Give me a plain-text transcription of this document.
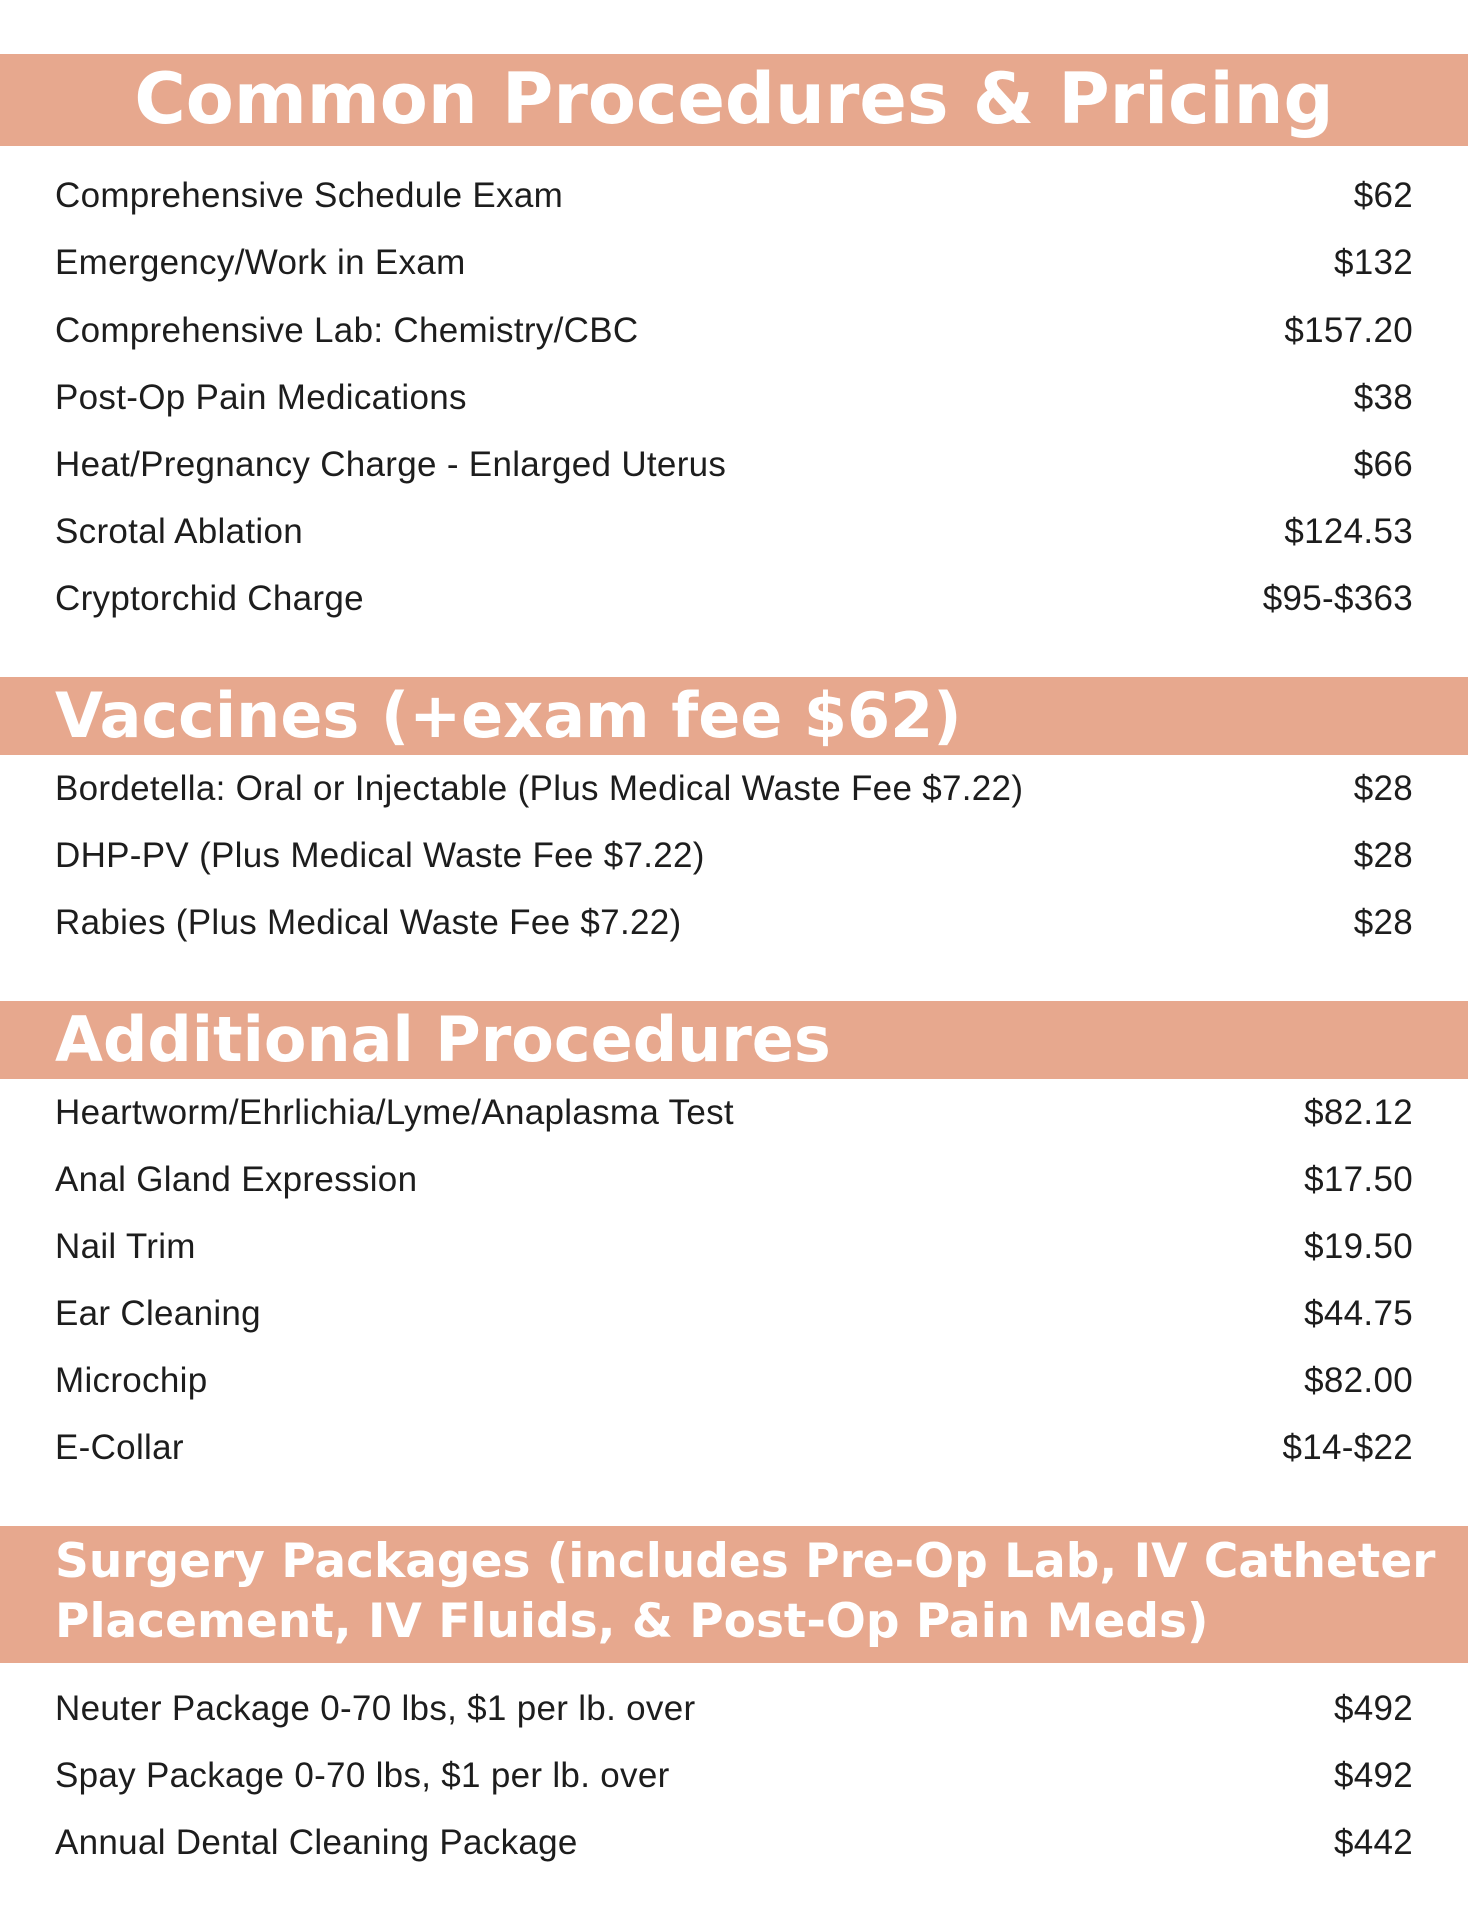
Common Procedures & Pricing
Comprehensive Schedule Exam	$62
Emergency/Work in Exam	$132
Comprehensive Lab: Chemistry/CBC	$157.20
Post-Op Pain Medications	$38
Heat/Pregnancy Charge - Enlarged Uterus	$66
Scrotal Ablation	$124.53
Cryptorchid Charge	$95-$363
Vaccines (+exam fee $62)
Bordetella: Oral or Injectable (Plus Medical Waste Fee $7.22)	$28
DHP-PV (Plus Medical Waste Fee $7.22)	$28
Rabies (Plus Medical Waste Fee $7.22)	$28
Additional Procedures
Heartworm/Ehrlichia/Lyme/Anaplasma Test	$82.12
Anal Gland Expression	$17.50
Nail Trim	$19.50
Ear Cleaning	$44.75
Microchip	$82.00
E-Collar	$14-$22
Surgery Packages (includes Pre-Op Lab, IV Catheter
Placement, IV Fluids, & Post-Op Pain Meds)
Neuter Package 0-70 lbs, $1 per lb. over	$492
Spay Package 0-70 lbs, $1 per lb. over	$492
Annual Dental Cleaning Package	$442
